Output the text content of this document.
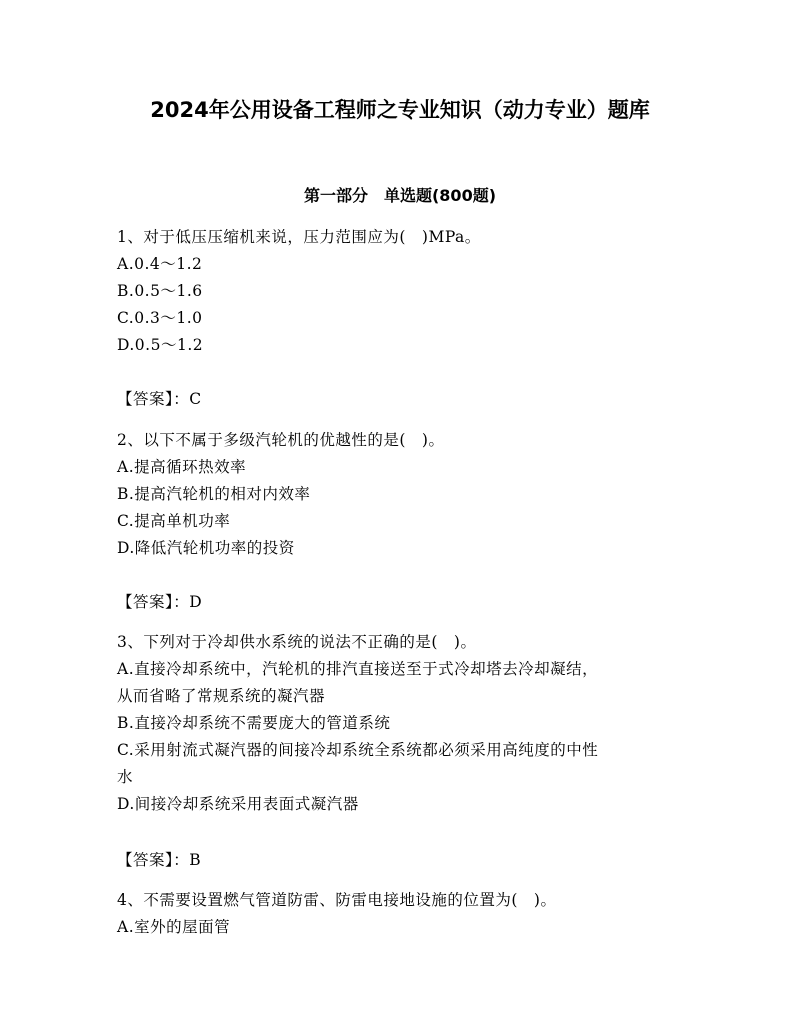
2024年公用设备工程师之专业知识（动力专业）题库
第一部分　单选题(800题)
1、对于低压压缩机来说，压力范围应为(　)MPa。
A.0.4～1.2
B.0.5～1.6
C.0.3～1.0
D.0.5～1.2
【答案】：C
2、以下不属于多级汽轮机的优越性的是(　)。
A.提高循环热效率
B.提高汽轮机的相对内效率
C.提高单机功率
D.降低汽轮机功率的投资
【答案】：D
3、下列对于冷却供水系统的说法不正确的是(　)。
A.直接冷却系统中，汽轮机的排汽直接送至于式冷却塔去冷却凝结，
从而省略了常规系统的凝汽器
B.直接冷却系统不需要庞大的管道系统
C.采用射流式凝汽器的间接冷却系统全系统都必须采用高纯度的中性
水
D.间接冷却系统采用表面式凝汽器
【答案】：B
4、不需要设置燃气管道防雷、防雷电接地设施的位置为(　)。
A.室外的屋面管
